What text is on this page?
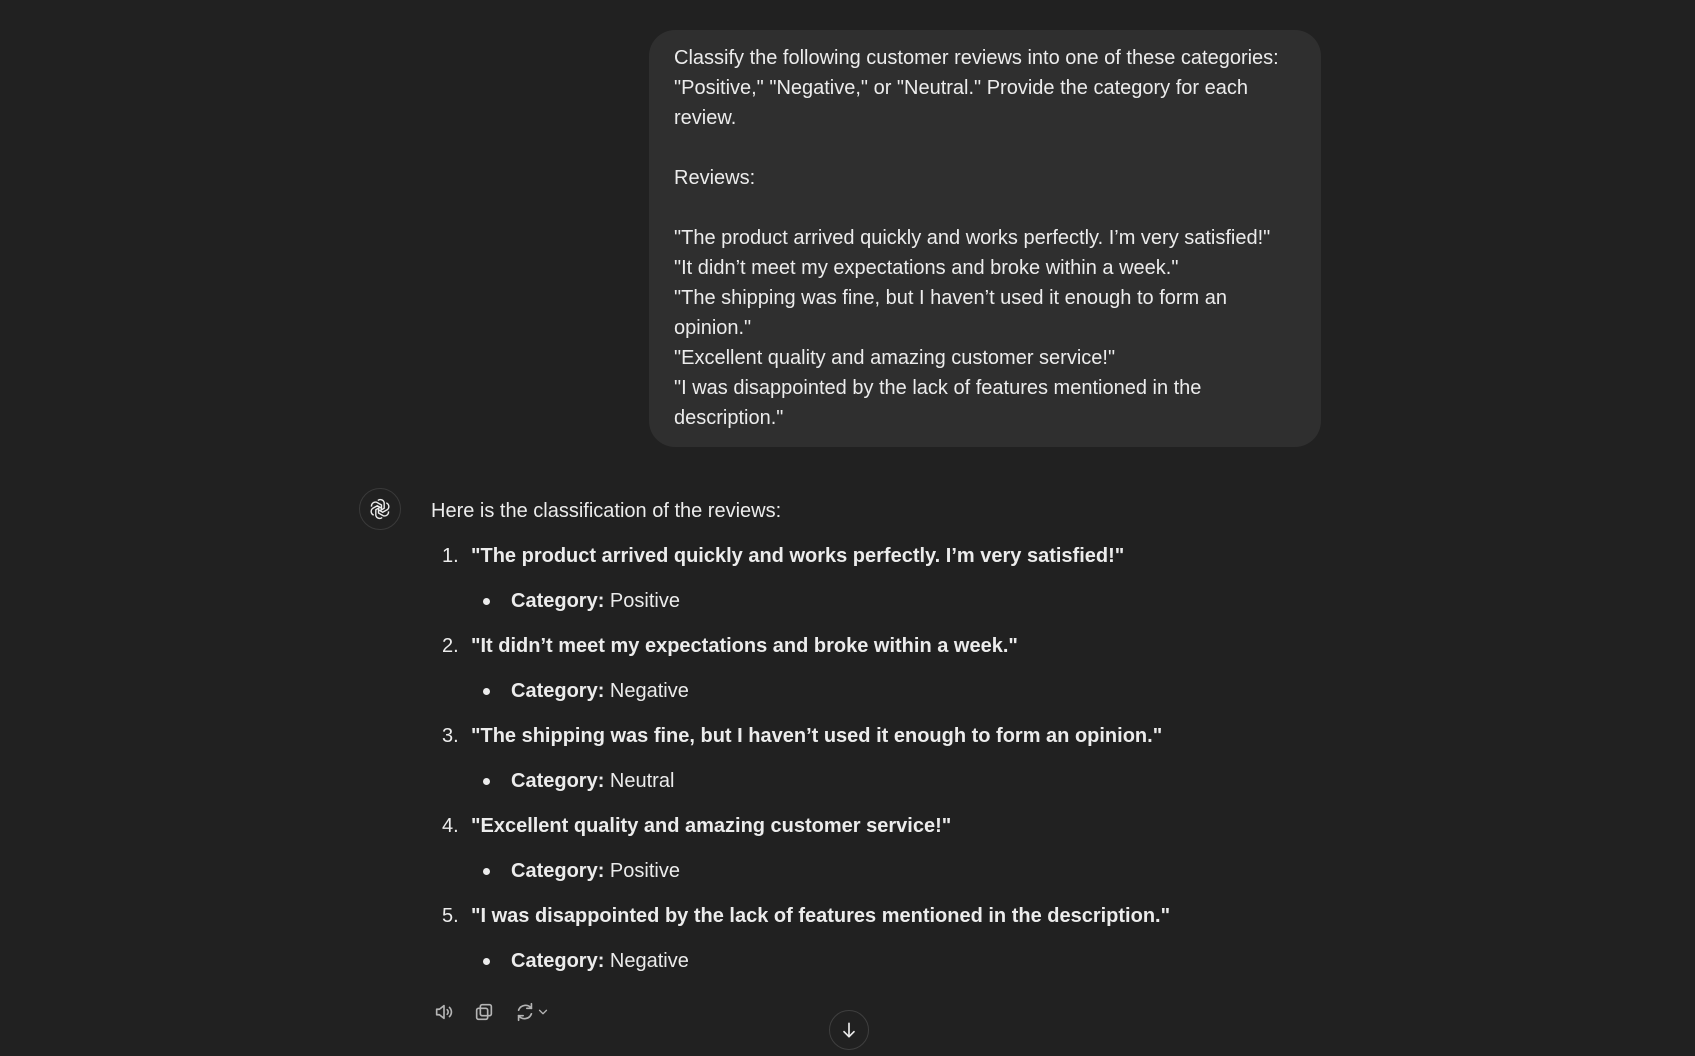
Classify the following customer reviews into one of these categories:

"Positive," "Negative," or "Neutral." Provide the category for each

review.

Reviews:

"The product arrived quickly and works perfectly. I’m very satisfied!"

"It didn’t meet my expectations and broke within a week."

"The shipping was fine, but I haven’t used it enough to form an

opinion."

"Excellent quality and amazing customer service!"

"I was disappointed by the lack of features mentioned in the

description."

Here is the classification of the reviews:

1. "The product arrived quickly and works perfectly. I’m very satisfied!"
Category: Positive
2. "It didn’t meet my expectations and broke within a week."
Category: Negative
3. "The shipping was fine, but I haven’t used it enough to form an opinion."
Category: Neutral
4. "Excellent quality and amazing customer service!"
Category: Positive
5. "I was disappointed by the lack of features mentioned in the description."
Category: Negative
